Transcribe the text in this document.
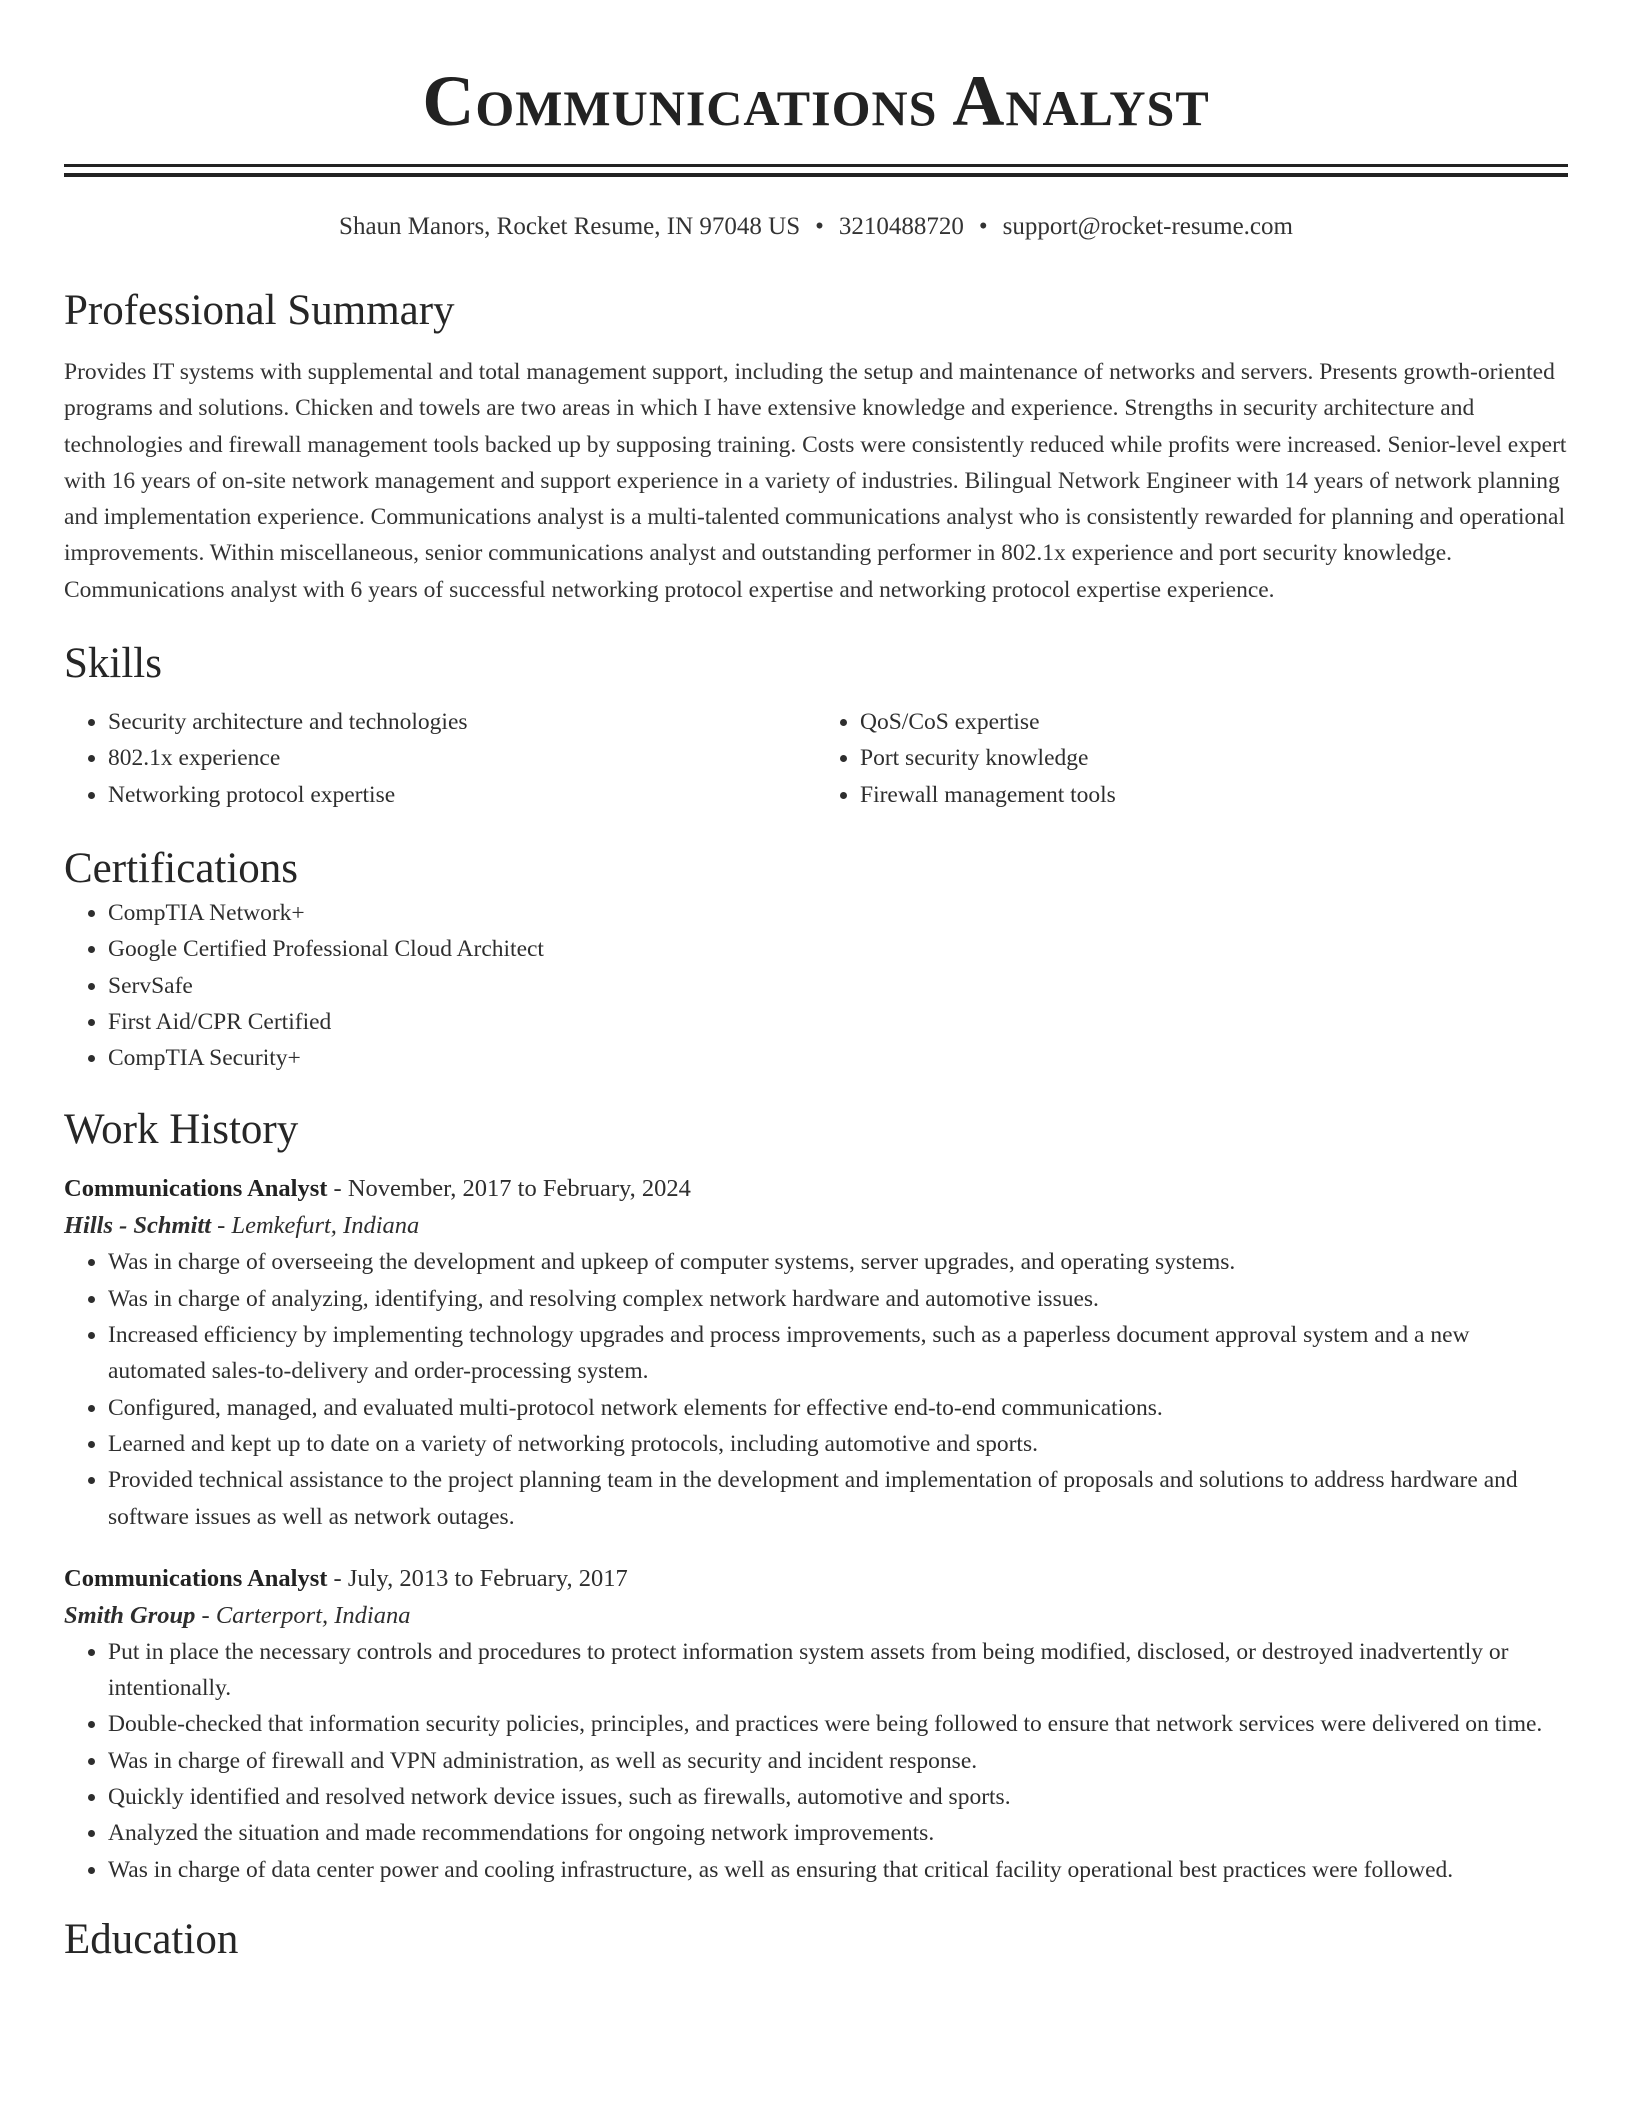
Communications Analyst
Shaun Manors, Rocket Resume, IN 97048 US • 3210488720 • support@rocket-resume.com
Professional Summary

Provides IT systems with supplemental and total management support, including the setup and maintenance of networks and servers. Presents growth-oriented programs and solutions. Chicken and towels are two areas in which I have extensive knowledge and experience. Strengths in security architecture and technologies and firewall management tools backed up by supposing training. Costs were consistently reduced while profits were increased. Senior-level expert with 16 years of on-site network management and support experience in a variety of industries. Bilingual Network Engineer with 14 years of network planning and implementation experience. Communications analyst is a multi-talented communications analyst who is consistently rewarded for planning and operational improvements. Within miscellaneous, senior communications analyst and outstanding performer in 802.1x experience and port security knowledge. Communications analyst with 6 years of successful networking protocol expertise and networking protocol expertise experience.

Skills
• Security architecture and technologies
• 802.1x experience
• Networking protocol expertise
• QoS/CoS expertise
• Port security knowledge
• Firewall management tools
Certifications
• CompTIA Network+
• Google Certified Professional Cloud Architect
• ServSafe
• First Aid/CPR Certified
• CompTIA Security+
Work History
Communications Analyst - November, 2017 to February, 2024
Hills - Schmitt - Lemkefurt, Indiana
• Was in charge of overseeing the development and upkeep of computer systems, server upgrades, and operating systems.
• Was in charge of analyzing, identifying, and resolving complex network hardware and automotive issues.
• Increased efficiency by implementing technology upgrades and process improvements, such as a paperless document approval system and a new automated sales-to-delivery and order-processing system.
• Configured, managed, and evaluated multi-protocol network elements for effective end-to-end communications.
• Learned and kept up to date on a variety of networking protocols, including automotive and sports.
• Provided technical assistance to the project planning team in the development and implementation of proposals and solutions to address hardware and software issues as well as network outages.
Communications Analyst - July, 2013 to February, 2017
Smith Group - Carterport, Indiana
• Put in place the necessary controls and procedures to protect information system assets from being modified, disclosed, or destroyed inadvertently or intentionally.
• Double-checked that information security policies, principles, and practices were being followed to ensure that network services were delivered on time.
• Was in charge of firewall and VPN administration, as well as security and incident response.
• Quickly identified and resolved network device issues, such as firewalls, automotive and sports.
• Analyzed the situation and made recommendations for ongoing network improvements.
• Was in charge of data center power and cooling infrastructure, as well as ensuring that critical facility operational best practices were followed.
Education
